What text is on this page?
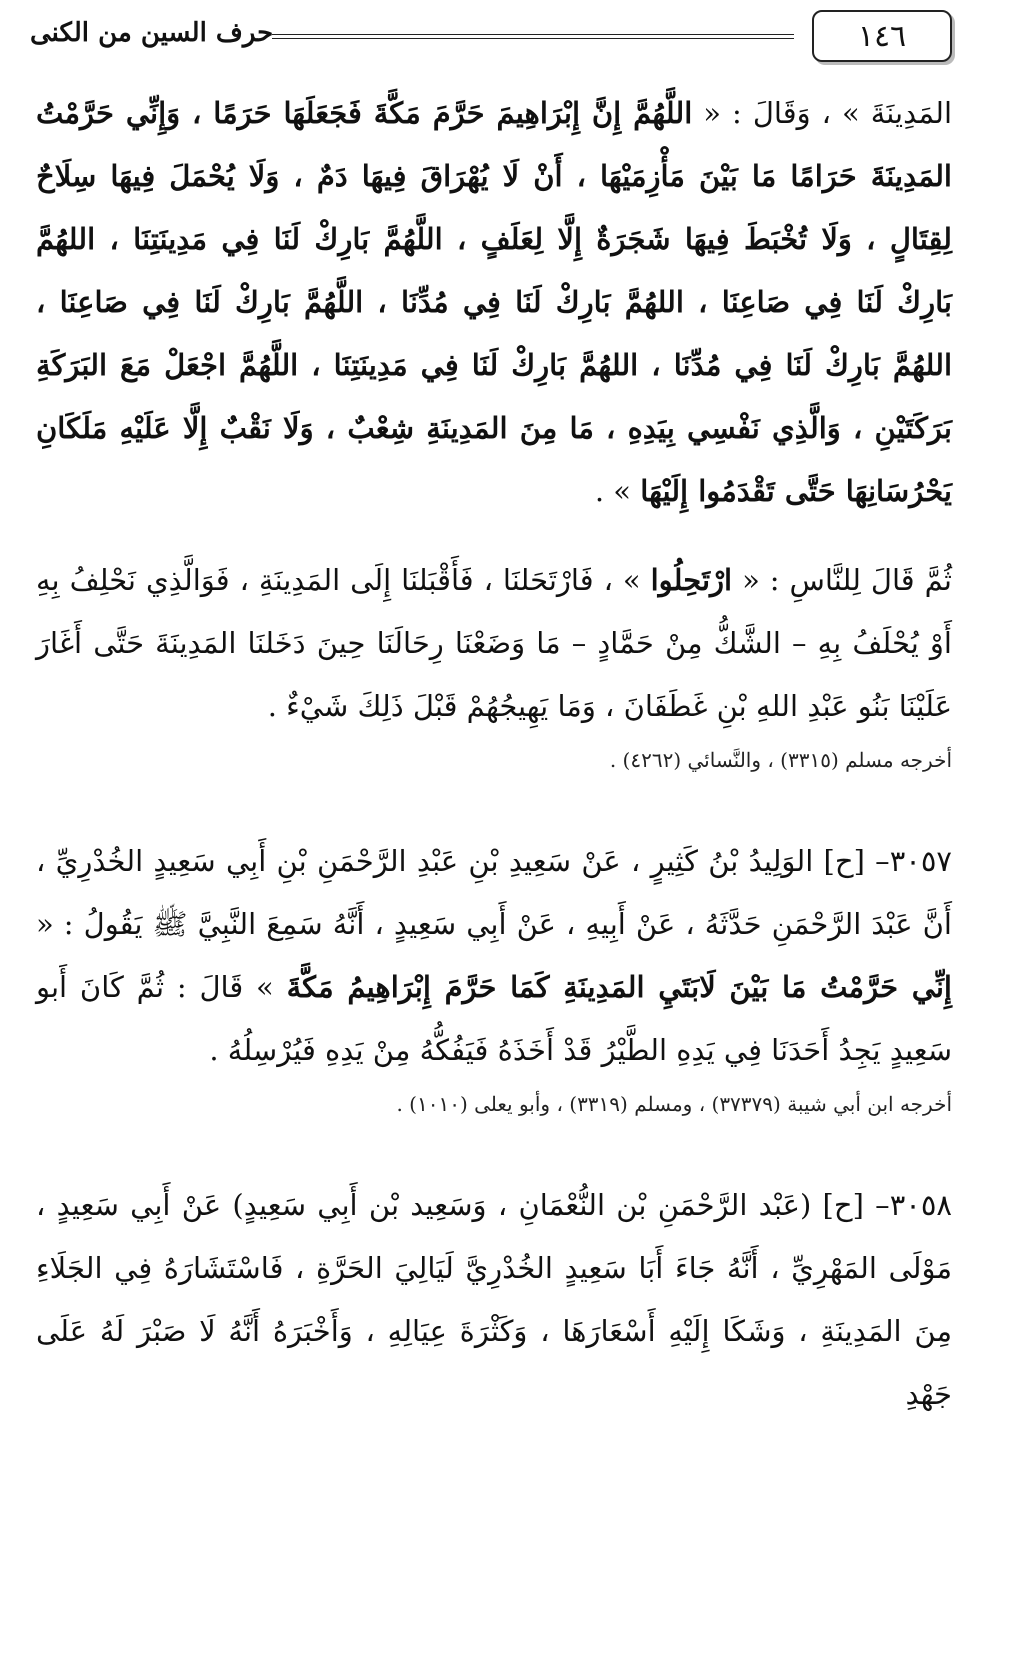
١٤٦
حرف السين من الكنى

المَدِينَةَ » ، وَقَالَ : « اللَّهُمَّ إِنَّ إِبْرَاهِيمَ حَرَّمَ مَكَّةَ فَجَعَلَهَا حَرَمًا ، وَإِنِّي حَرَّمْتُ المَدِينَةَ حَرَامًا مَا بَيْنَ مَأْزِمَيْهَا ، أَنْ لَا يُهْرَاقَ فِيهَا دَمٌ ، وَلَا يُحْمَلَ فِيهَا سِلَاحٌ لِقِتَالٍ ، وَلَا تُخْبَطَ فِيهَا شَجَرَةٌ إِلَّا لِعَلَفٍ ، اللَّهُمَّ بَارِكْ لَنَا فِي مَدِينَتِنَا ، اللهُمَّ بَارِكْ لَنَا فِي صَاعِنَا ، اللهُمَّ بَارِكْ لَنَا فِي مُدِّنَا ، اللَّهُمَّ بَارِكْ لَنَا فِي صَاعِنَا ، اللهُمَّ بَارِكْ لَنَا فِي مُدِّنَا ، اللهُمَّ بَارِكْ لَنَا فِي مَدِينَتِنَا ، اللَّهُمَّ اجْعَلْ مَعَ البَرَكَةِ بَرَكَتَيْنِ ، وَالَّذِي نَفْسِي بِيَدِهِ ، مَا مِنَ المَدِينَةِ شِعْبٌ ، وَلَا نَقْبٌ إِلَّا عَلَيْهِ مَلَكَانِ يَحْرُسَانِهَا حَتَّى تَقْدَمُوا إِلَيْهَا » .

ثُمَّ قَالَ لِلنَّاسِ : « ارْتَحِلُوا » ، فَارْتَحَلنَا ، فَأَقْبَلنَا إِلَى المَدِينَةِ ، فَوَالَّذِي نَحْلِفُ بِهِ أَوْ يُحْلَفُ بِهِ – الشَّكُّ مِنْ حَمَّادٍ – مَا وَضَعْنَا رِحَالَنَا حِينَ دَخَلنَا المَدِينَةَ حَتَّى أَغَارَ عَلَيْنَا بَنُو عَبْدِ اللهِ بْنِ غَطَفَانَ ، وَمَا يَهِيجُهُمْ قَبْلَ ذَلِكَ شَيْءٌ .

أخرجه مسلم (٣٣١٥) ، والنَّسائي (٤٢٦٢) .

٣٠٥٧– [ح] الوَلِيدُ بْنُ كَثِيرٍ ، عَنْ سَعِيدِ بْنِ عَبْدِ الرَّحْمَنِ بْنِ أَبِي سَعِيدٍ الخُدْرِيِّ ، أَنَّ عَبْدَ الرَّحْمَنِ حَدَّثَهُ ، عَنْ أَبِيهِ ، عَنْ أَبِي سَعِيدٍ ، أَنَّهُ سَمِعَ النَّبِيَّ ﷺ يَقُولُ : « إِنِّي حَرَّمْتُ مَا بَيْنَ لَابَتَيِ المَدِينَةِ كَمَا حَرَّمَ إِبْرَاهِيمُ مَكَّةَ » قَالَ : ثُمَّ كَانَ أَبو سَعِيدٍ يَجِدُ أَحَدَنَا فِي يَدِهِ الطَّيْرُ قَدْ أَخَذَهُ فَيَفُكُّهُ مِنْ يَدِهِ فَيُرْسِلُهُ .

أخرجه ابن أبي شيبة (٣٧٣٧٩) ، ومسلم (٣٣١٩) ، وأبو يعلى (١٠١٠) .

٣٠٥٨– [ح] (عَبْد الرَّحْمَنِ بْن النُّعْمَانِ ، وَسَعِيد بْن أَبِي سَعِيدٍ) عَنْ أَبِي سَعِيدٍ ، مَوْلَى المَهْرِيِّ ، أَنَّهُ جَاءَ أَبَا سَعِيدٍ الخُدْرِيَّ لَيَالِيَ الحَرَّةِ ، فَاسْتَشَارَهُ فِي الجَلَاءِ مِنَ المَدِينَةِ ، وَشَكَا إِلَيْهِ أَسْعَارَهَا ، وَكَثْرَةَ عِيَالِهِ ، وَأَخْبَرَهُ أَنَّهُ لَا صَبْرَ لَهُ عَلَى جَهْدِ
